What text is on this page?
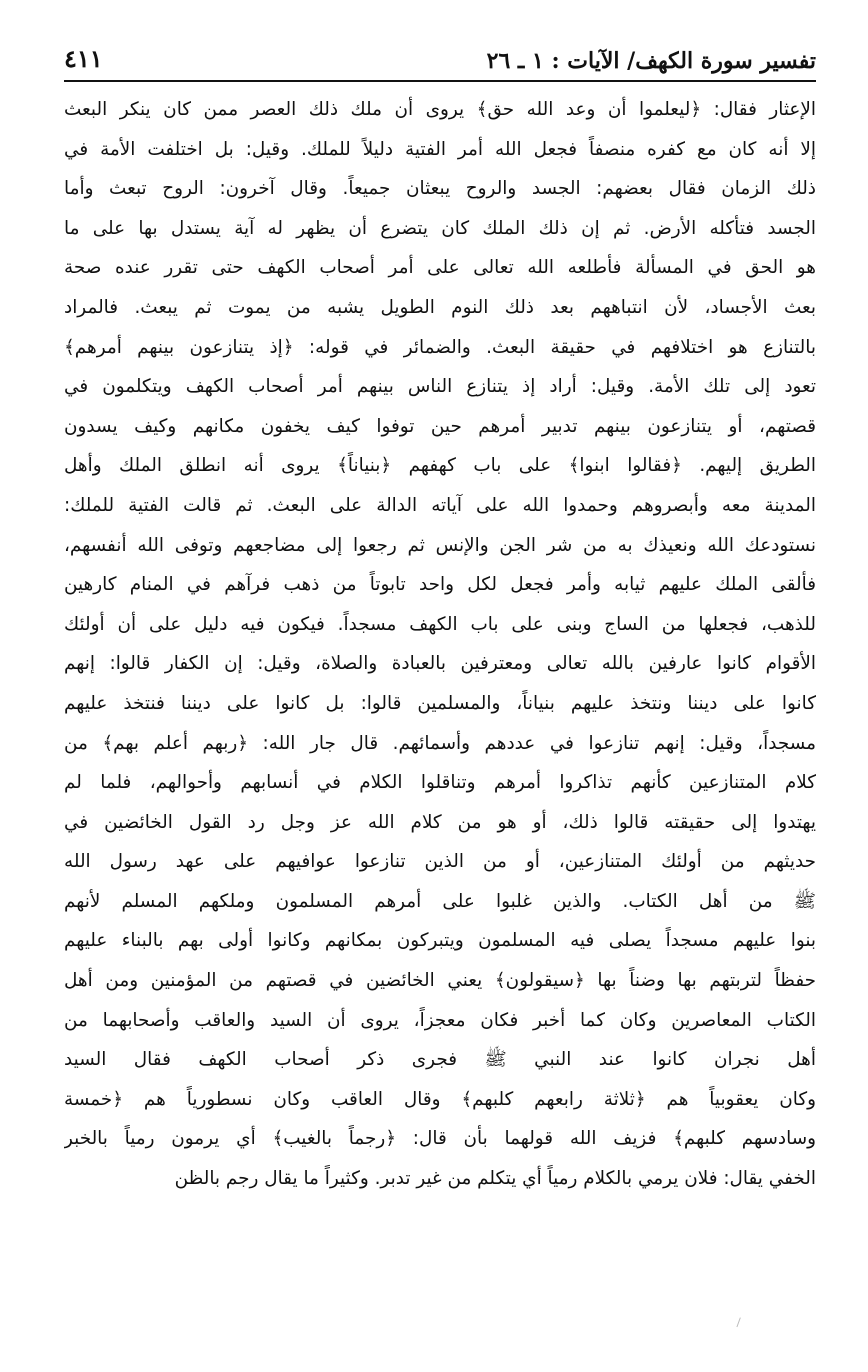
تفسير سورة الكهف/ الآيات : ١ ـ ٢٦
٤١١
الإعثار فقال: ﴿ليعلموا أن وعد الله حق﴾ يروى أن ملك ذلك العصر ممن كان ينكر البعث
إلا أنه كان مع كفره منصفاً فجعل الله أمر الفتية دليلاً للملك. وقيل: بل اختلفت الأمة في
ذلك الزمان فقال بعضهم: الجسد والروح يبعثان جميعاً. وقال آخرون: الروح تبعث وأما
الجسد فتأكله الأرض. ثم إن ذلك الملك كان يتضرع أن يظهر له آية يستدل بها على ما
هو الحق في المسألة فأطلعه الله تعالى على أمر أصحاب الكهف حتى تقرر عنده صحة
بعث الأجساد، لأن انتباههم بعد ذلك النوم الطويل يشبه من يموت ثم يبعث. فالمراد
بالتنازع هو اختلافهم في حقيقة البعث. والضمائر في قوله: ﴿إذ يتنازعون بينهم أمرهم﴾
تعود إلى تلك الأمة. وقيل: أراد إذ يتنازع الناس بينهم أمر أصحاب الكهف ويتكلمون في
قصتهم، أو يتنازعون بينهم تدبير أمرهم حين توفوا كيف يخفون مكانهم وكيف يسدون
الطريق إليهم. ﴿فقالوا ابنوا﴾ على باب كهفهم ﴿بنياناً﴾ يروى أنه انطلق الملك وأهل
المدينة معه وأبصروهم وحمدوا الله على آياته الدالة على البعث. ثم قالت الفتية للملك:
نستودعك الله ونعيذك به من شر الجن والإنس ثم رجعوا إلى مضاجعهم وتوفى الله أنفسهم،
فألقى الملك عليهم ثيابه وأمر فجعل لكل واحد تابوتاً من ذهب فرآهم في المنام كارهين
للذهب، فجعلها من الساج وبنى على باب الكهف مسجداً. فيكون فيه دليل على أن أولئك
الأقوام كانوا عارفين بالله تعالى ومعترفين بالعبادة والصلاة، وقيل: إن الكفار قالوا: إنهم
كانوا على ديننا ونتخذ عليهم بنياناً، والمسلمين قالوا: بل كانوا على ديننا فنتخذ عليهم
مسجداً، وقيل: إنهم تنازعوا في عددهم وأسمائهم. قال جار الله: ﴿ربهم أعلم بهم﴾ من
كلام المتنازعين كأنهم تذاكروا أمرهم وتناقلوا الكلام في أنسابهم وأحوالهم، فلما لم
يهتدوا إلى حقيقته قالوا ذلك، أو هو من كلام الله عز وجل رد القول الخائضين في
حديثهم من أولئك المتنازعين، أو من الذين تنازعوا عوافيهم على عهد رسول الله
ﷺ من أهل الكتاب. والذين غلبوا على أمرهم المسلمون وملكهم المسلم لأنهم
بنوا عليهم مسجداً يصلى فيه المسلمون ويتبركون بمكانهم وكانوا أولى بهم بالبناء عليهم
حفظاً لتربتهم بها وضناً بها ﴿سيقولون﴾ يعني الخائضين في قصتهم من المؤمنين ومن أهل
الكتاب المعاصرين وكان كما أخبر فكان معجزاً، يروى أن السيد والعاقب وأصحابهما من
أهل نجران كانوا عند النبي ﷺ فجرى ذكر أصحاب الكهف فقال السيد
وكان يعقوبياً هم ﴿ثلاثة رابعهم كلبهم﴾ وقال العاقب وكان نسطورياً هم ﴿خمسة
وسادسهم كلبهم﴾ فزيف الله قولهما بأن قال: ﴿رجماً بالغيب﴾ أي يرمون رمياً بالخبر
الخفي يقال: فلان يرمي بالكلام رمياً أي يتكلم من غير تدبر. وكثيراً ما يقال رجم بالظن
